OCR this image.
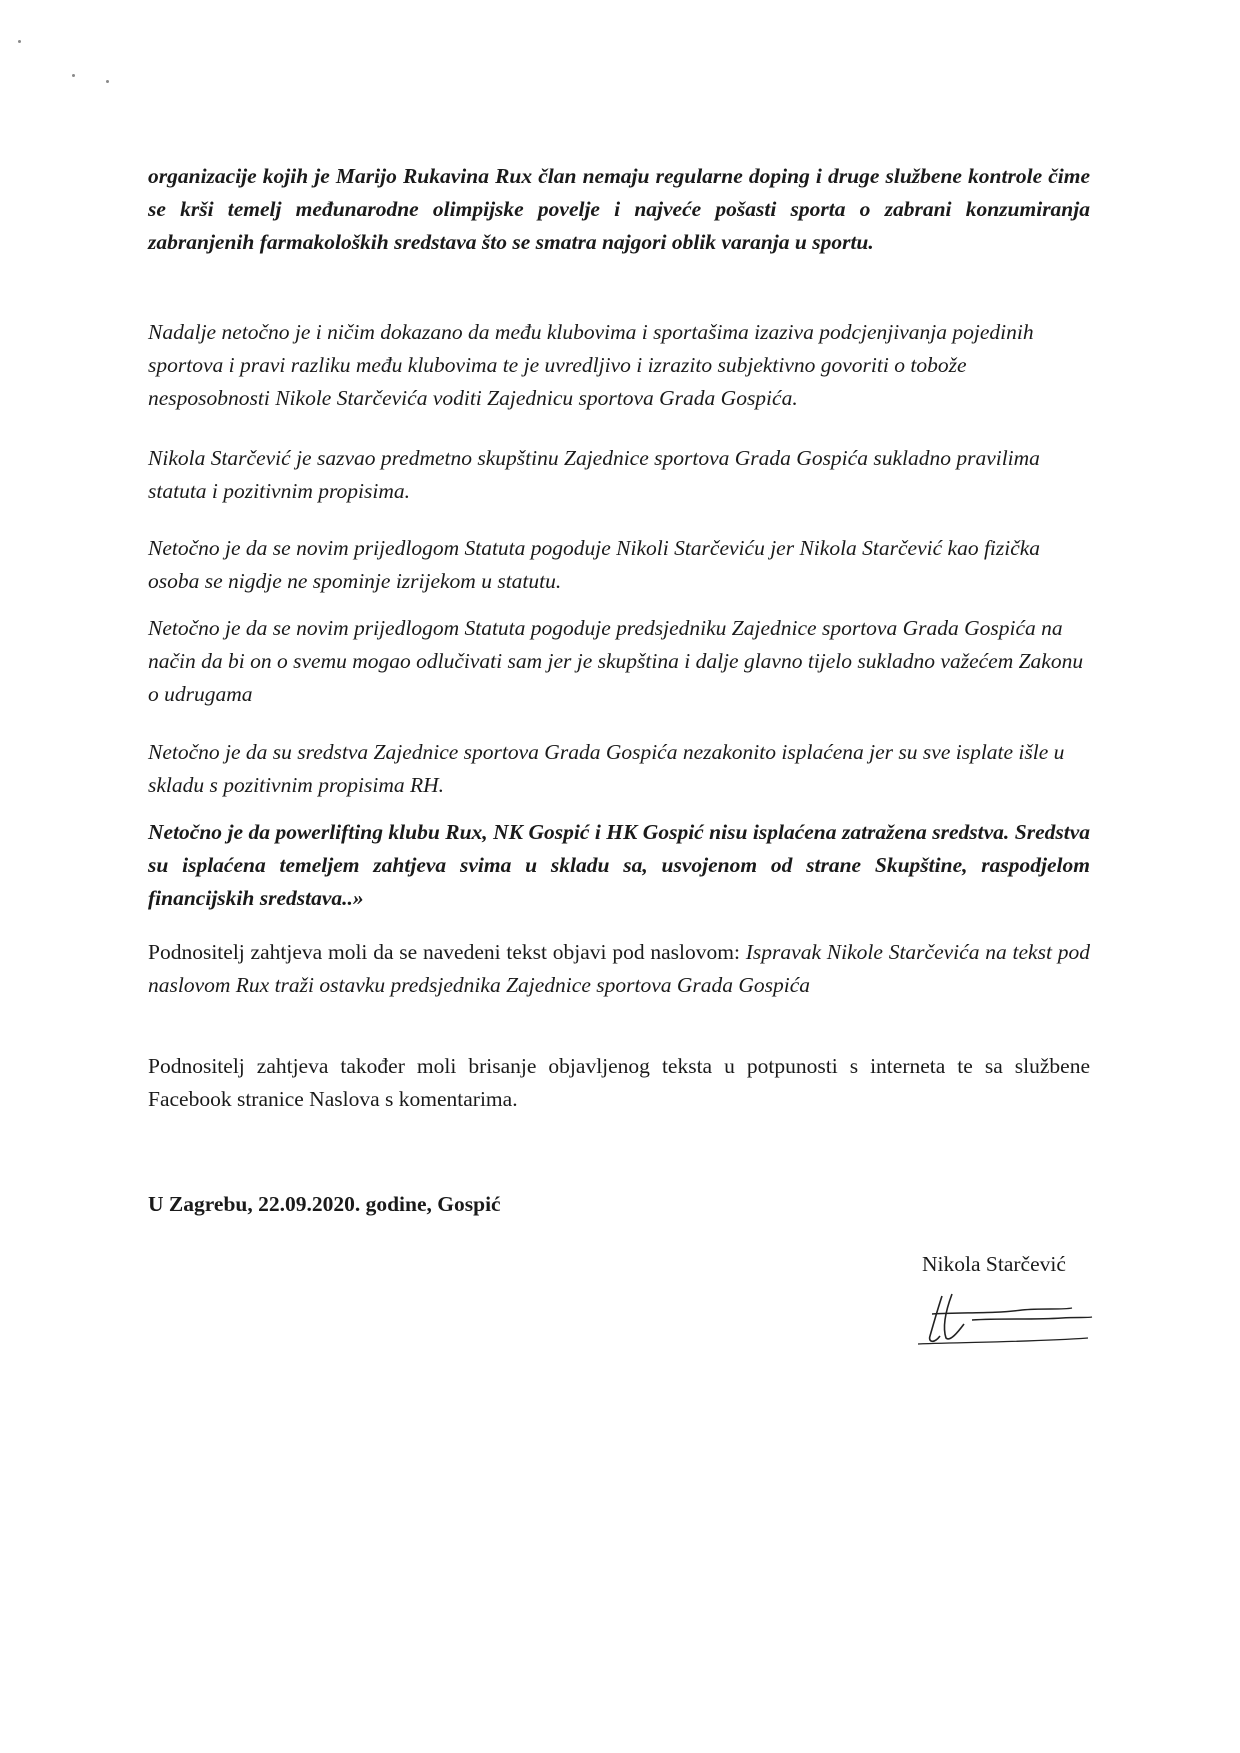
organizacije kojih je Marijo Rukavina Rux član nemaju regularne doping i druge službene kontrole čime se krši temelj međunarodne olimpijske povelje i najveće pošasti sporta o zabrani konzumiranja zabranjenih farmakoloških sredstava što se smatra najgori oblik varanja u sportu.

Nadalje netočno je i ničim dokazano da među klubovima i sportašima izaziva podcjenjivanja pojedinih sportova i pravi razliku među klubovima te je uvredljivo i izrazito subjektivno govoriti o tobože nesposobnosti Nikole Starčevića voditi Zajednicu sportova Grada Gospića.

Nikola Starčević je sazvao predmetno skupštinu Zajednice sportova Grada Gospića sukladno pravilima statuta i pozitivnim propisima.

Netočno je da se novim prijedlogom Statuta pogoduje Nikoli Starčeviću jer Nikola Starčević kao fizička osoba se nigdje ne spominje izrijekom u statutu.

Netočno je da se novim prijedlogom Statuta pogoduje predsjedniku Zajednice sportova Grada Gospića na način da bi on o svemu mogao odlučivati sam jer je skupština i dalje glavno tijelo sukladno važećem Zakonu o udrugama

Netočno je da su sredstva Zajednice sportova Grada Gospića nezakonito isplaćena jer su sve isplate išle u skladu s pozitivnim propisima RH.

Netočno je da powerlifting klubu Rux, NK Gospić i HK Gospić nisu isplaćena zatražena sredstva. Sredstva su isplaćena temeljem zahtjeva svima u skladu sa, usvojenom od strane Skupštine, raspodjelom financijskih sredstava..»

Podnositelj zahtjeva moli da se navedeni tekst objavi pod naslovom: Ispravak Nikole Starčevića na tekst pod naslovom Rux traži ostavku predsjednika Zajednice sportova Grada Gospića

Podnositelj zahtjeva također moli brisanje objavljenog teksta u potpunosti s interneta te sa službene Facebook stranice Naslova s komentarima.

U Zagrebu, 22.09.2020. godine, Gospić

Nikola Starčević
